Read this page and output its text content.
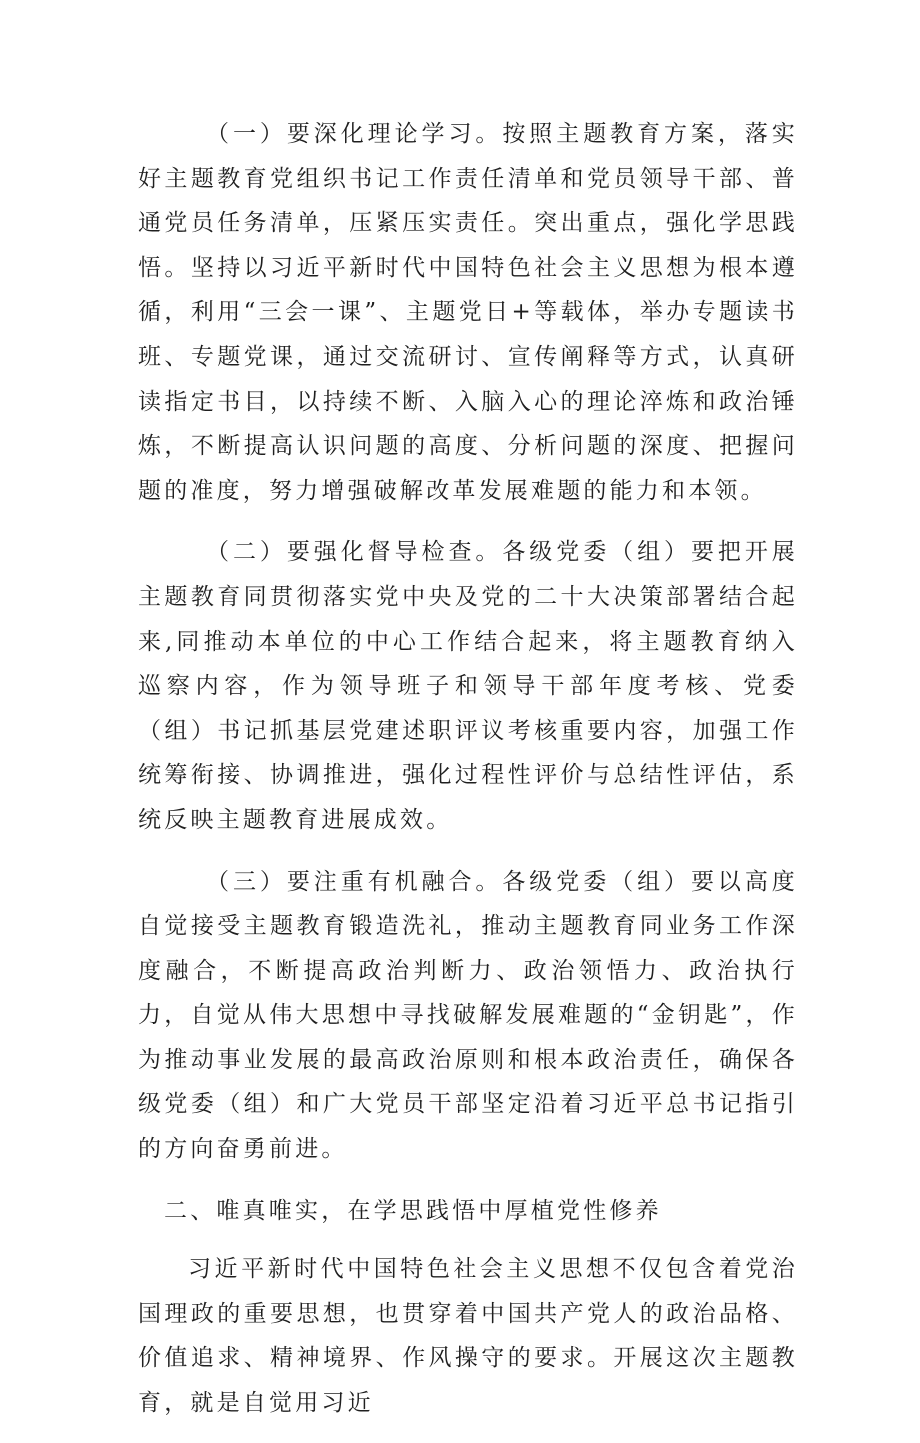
（一）要深化理论学习。按照主题教育方案，落实好主题教育党组织书记工作责任清单和党员领导干部、普通党员任务清单，压紧压实责任。突出重点，强化学思践悟。坚持以习近平新时代中国特色社会主义思想为根本遵循，利用“三会一课”、主题党日+等载体，举办专题读书班、专题党课，通过交流研讨、宣传阐释等方式，认真研读指定书目，以持续不断、入脑入心的理论淬炼和政治锤炼，不断提高认识问题的高度、分析问题的深度、把握问题的准度，努力增强破解改革发展难题的能力和本领。

（二）要强化督导检查。各级党委（组）要把开展主题教育同贯彻落实党中央及党的二十大决策部署结合起来,同推动本单位的中心工作结合起来，将主题教育纳入巡察内容，作为领导班子和领导干部年度考核、党委（组）书记抓基层党建述职评议考核重要内容，加强工作统筹衔接、协调推进，强化过程性评价与总结性评估，系统反映主题教育进展成效。

（三）要注重有机融合。各级党委（组）要以高度自觉接受主题教育锻造洗礼，推动主题教育同业务工作深度融合，不断提高政治判断力、政治领悟力、政治执行力，自觉从伟大思想中寻找破解发展难题的“金钥匙”，作为推动事业发展的最高政治原则和根本政治责任，确保各级党委（组）和广大党员干部坚定沿着习近平总书记指引的方向奋勇前进。

二、唯真唯实，在学思践悟中厚植党性修养

习近平新时代中国特色社会主义思想不仅包含着党治国理政的重要思想，也贯穿着中国共产党人的政治品格、价值追求、精神境界、作风操守的要求。开展这次主题教育，就是自觉用习近
